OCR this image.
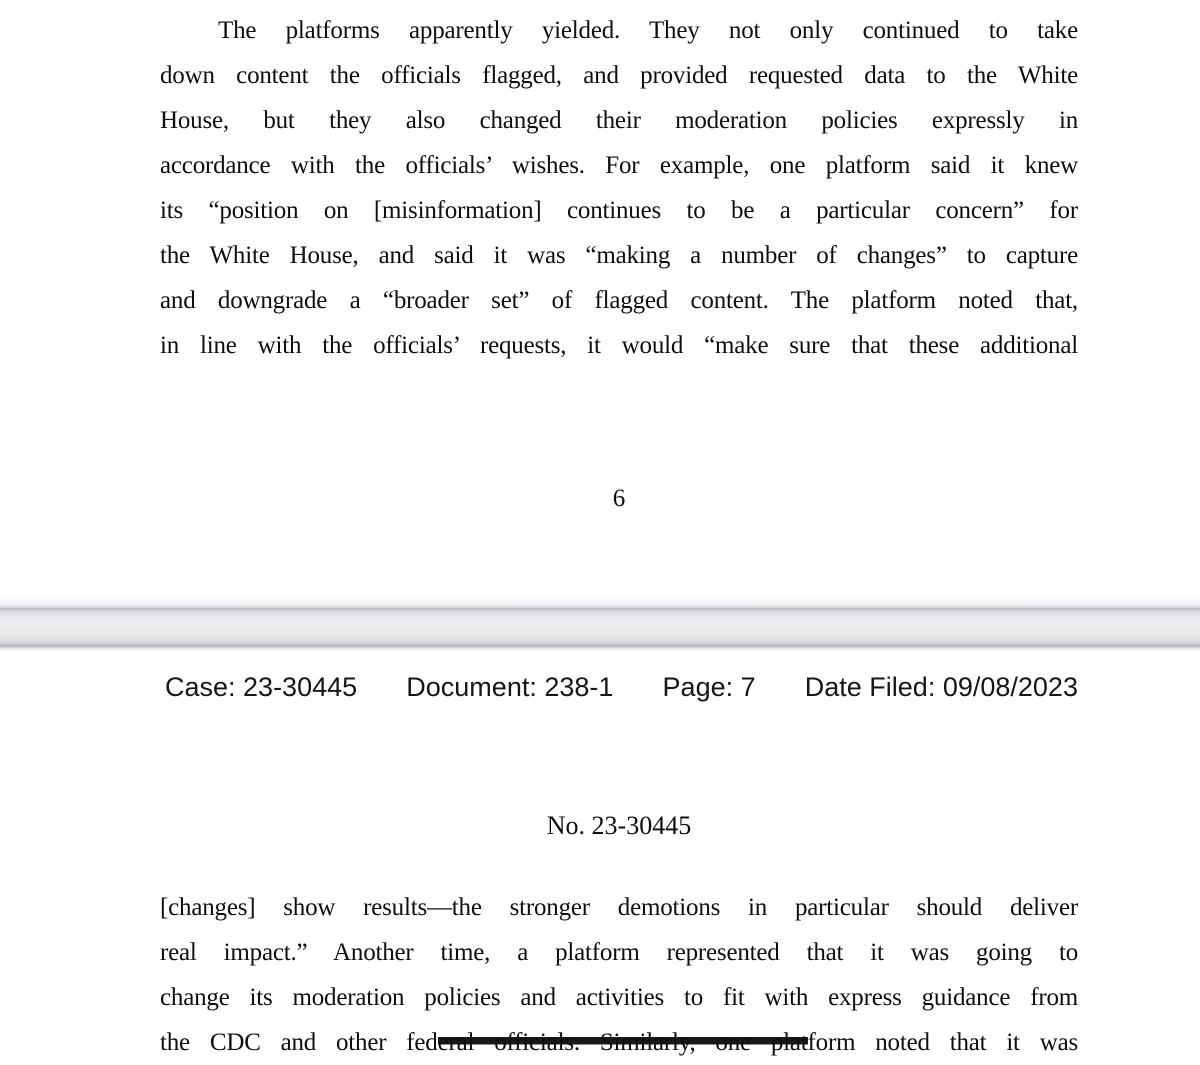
The platforms apparently yielded. They not only continued to take
down content the officials flagged, and provided requested data to the White
House, but they also changed their moderation policies expressly in
accordance with the officials’ wishes. For example, one platform said it knew
its “position on [misinformation] continues to be a particular concern” for
the White House, and said it was “making a number of changes” to capture
and downgrade a “broader set” of flagged content. The platform noted that,
in line with the officials’ requests, it would “make sure that these additional
6
Case: 23-30445 Document: 238-1 Page: 7 Date Filed: 09/08/2023
No. 23-30445
[changes] show results—the stronger demotions in particular should deliver
real impact.” Another time, a platform represented that it was going to
change its moderation policies and activities to fit with express guidance from
the CDC and other federal officials. Similarly, one platform noted that it was
